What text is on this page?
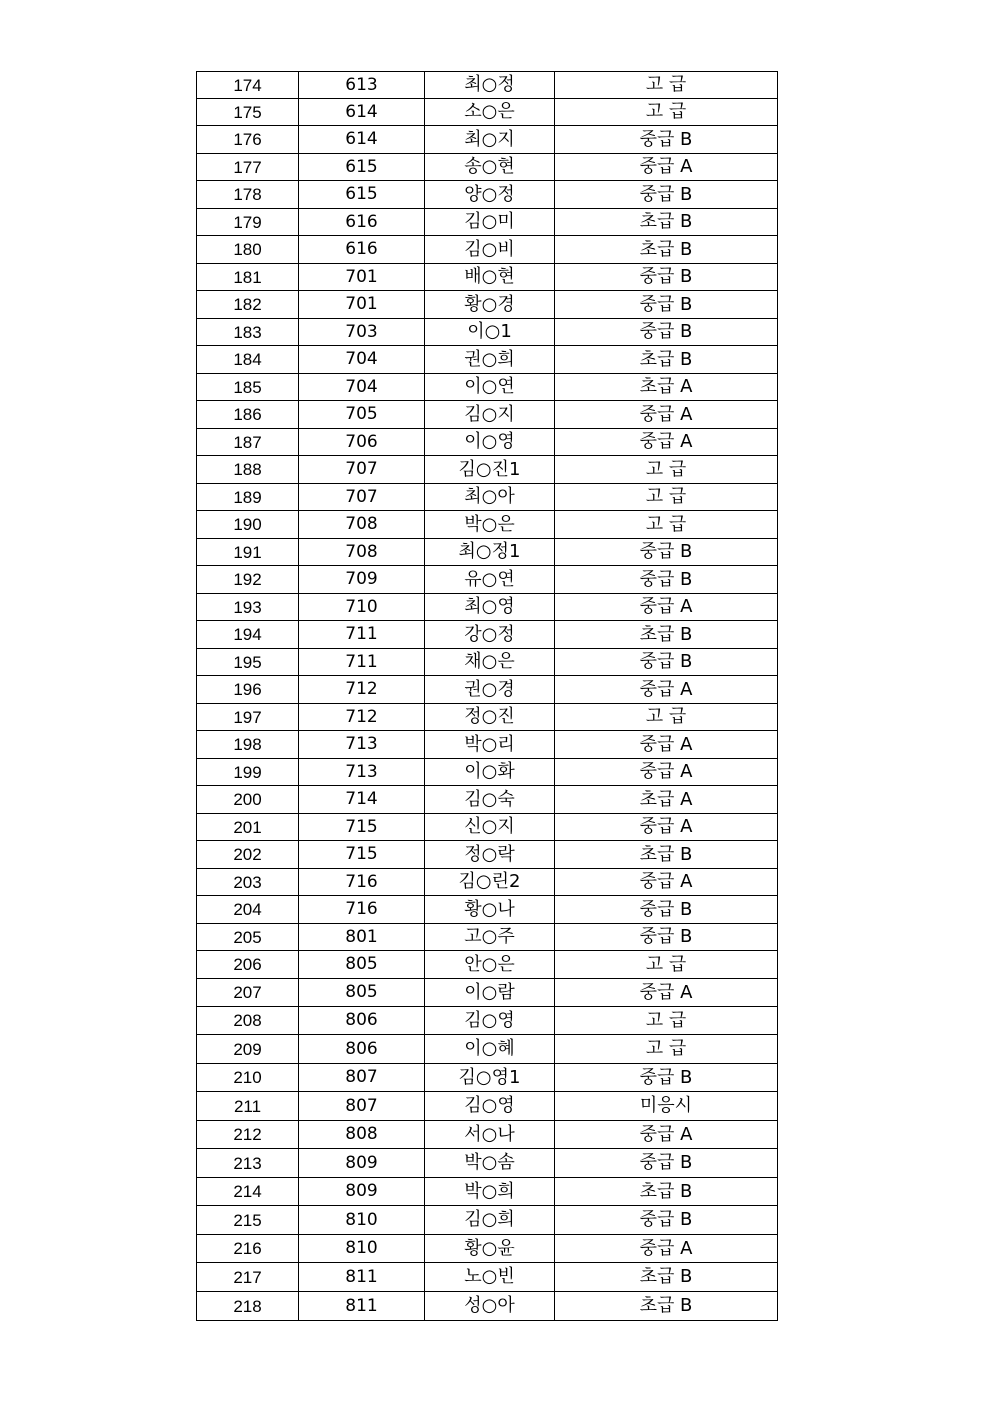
174	613	최○정	고 급
175	614	소○은	고 급
176	614	최○지	중급 B
177	615	송○현	중급 A
178	615	양○정	중급 B
179	616	김○미	초급 B
180	616	김○비	초급 B
181	701	배○현	중급 B
182	701	황○경	중급 B
183	703	이○1	중급 B
184	704	권○희	초급 B
185	704	이○연	초급 A
186	705	김○지	중급 A
187	706	이○영	중급 A
188	707	김○진1	고 급
189	707	최○아	고 급
190	708	박○은	고 급
191	708	최○정1	중급 B
192	709	유○연	중급 B
193	710	최○영	중급 A
194	711	강○정	초급 B
195	711	채○은	중급 B
196	712	권○경	중급 A
197	712	정○진	고 급
198	713	박○리	중급 A
199	713	이○화	중급 A
200	714	김○숙	초급 A
201	715	신○지	중급 A
202	715	정○락	초급 B
203	716	김○린2	중급 A
204	716	황○나	중급 B
205	801	고○주	중급 B
206	805	안○은	고 급
207	805	이○람	중급 A
208	806	김○영	고 급
209	806	이○혜	고 급
210	807	김○영1	중급 B
211	807	김○영	미응시
212	808	서○나	중급 A
213	809	박○솜	중급 B
214	809	박○희	초급 B
215	810	김○희	중급 B
216	810	황○윤	중급 A
217	811	노○빈	초급 B
218	811	성○아	초급 B
